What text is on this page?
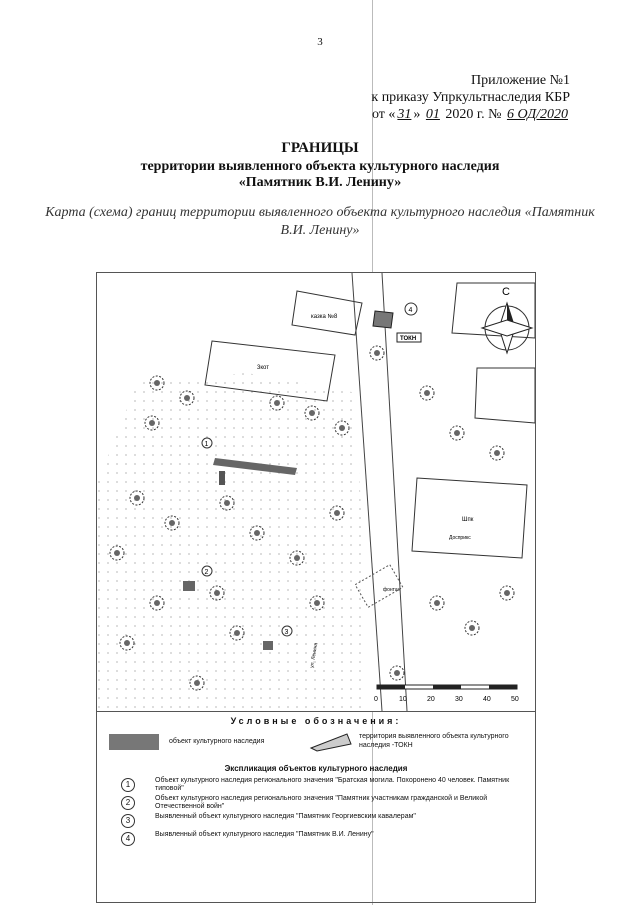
3
Приложение №1
к приказу Упркультнаследия КБР
от « 31 » 01 2020 г. № 6 ОД/2020
ГРАНИЦЫ
территории выявленного объекта культурного наследия
«Памятник В.И. Ленину»
Карта (схема) границ территории выявленного объекта культурного наследия «Памятник В.И. Ленину»
казка №8
3кот
Шпк
Досприкс
ТОКН
фонтан
ул. Ленина
1
2
3
4
С
0	10	20	30	40	50
Условные обозначения:
объект культурного наследия
территория выявленного объекта культурного наследия -ТОКН
Экспликация объектов культурного наследия
1	Объект культурного наследия регионального значения "Братская могила. Похоронено 40 человек. Памятник типовой"
2	Объект культурного наследия регионального значения "Памятник участникам гражданской и Великой Отечественной войн"
3	Выявленный объект культурного наследия "Памятник Георгиевским кавалерам"
4	Выявленный объект культурного наследия "Памятник В.И. Ленину"
